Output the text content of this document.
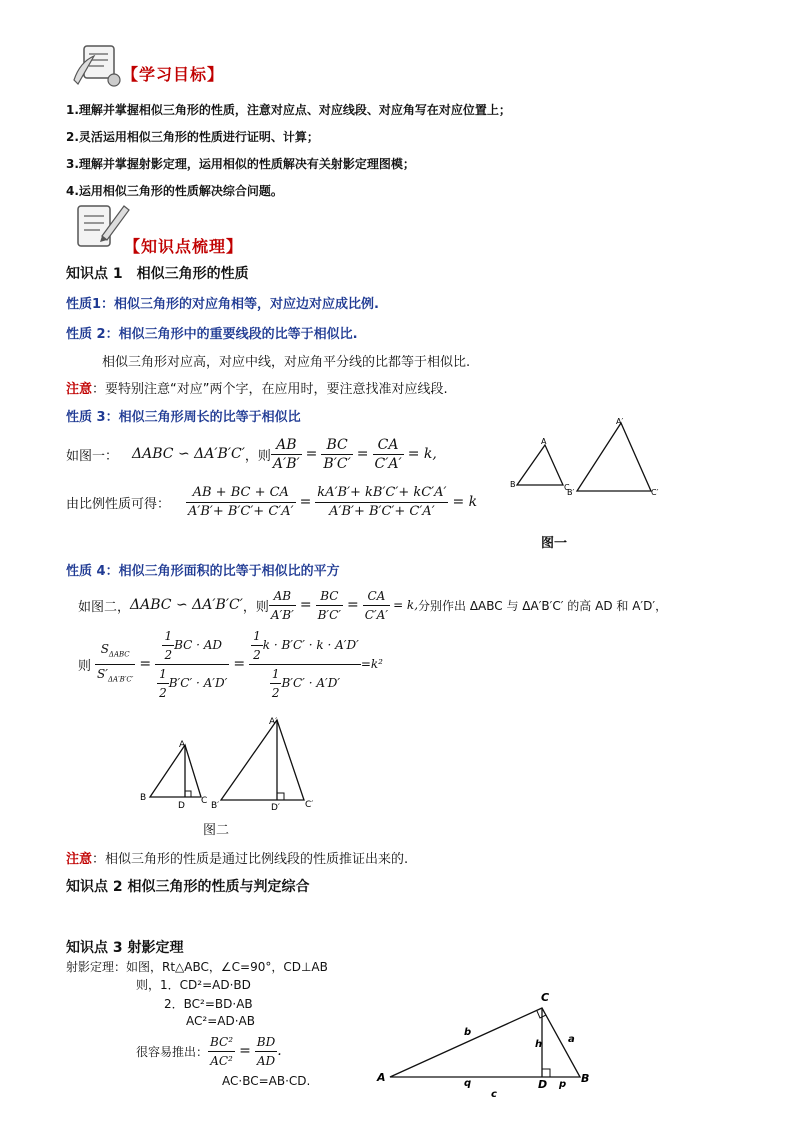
【学习目标】
1.理解并掌握相似三角形的性质，注意对应点、对应线段、对应角写在对应位置上；
2.灵活运用相似三角形的性质进行证明、计算；
3.理解并掌握射影定理，运用相似的性质解决有关射影定理图模；
4.运用相似三角形的性质解决综合问题。
【知识点梳理】
知识点 1　相似三角形的性质
性质1：相似三角形的对应角相等，对应边对应成比例.
性质 2：相似三角形中的重要线段的比等于相似比.
相似三角形对应高，对应中线，对应角平分线的比都等于相似比.
注意：要特别注意“对应”两个字，在应用时，要注意找准对应线段.
性质 3：相似三角形周长的比等于相似比
如图一： ΔABC ∽ ΔA′B′C′ ，则 $\frac{AB}{A'B'} = \frac{BC}{B'C'} = \frac{CA}{C'A'} = k$,
由比例性质可得： $\frac{AB + BC + CA}{A'B'+ B'C'+ C'A'} = \frac{kA'B'+ kB'C'+ kC'A'}{A'B'+ B'C'+ C'A'} = k$
A
B	C
A′
B′	C′
图一
性质 4：相似三角形面积的比等于相似比的平方
如图二， ΔABC ∽ ΔA′B′C′ ，则 $\frac{AB}{A'B'} = \frac{BC}{B'C'} = \frac{CA}{C'A'} = k$, 分别作出 ΔABC 与 ΔA′B′C′ 的高 AD 和 A′D′，
则 $\frac{S_{\Delta ABC}}{S'_{\Delta A'B'C'}} = \frac{\frac{1}{2} BC \cdot AD}{\frac{1}{2} B'C' \cdot A'D'} = \frac{\frac{1}{2} k \cdot B'C' \cdot k \cdot A'D'}{\frac{1}{2} B'C' \cdot A'D'} =k^2$
A
B
D C
A′
B′	D′	C′
图二
注意：相似三角形的性质是通过比例线段的性质推证出来的.
知识点 2 相似三角形的性质与判定综合
知识点 3 射影定理
射影定理：如图，Rt△ABC，∠C=90°，CD⊥AB
则，1．CD²=AD·BD
2．BC²=BD·AB
AC²=AD·AB
很容易推出： $\frac{\text{BC²}}{\text{AC²}} = \frac{BD}{AD}$ .
AC·BC=AB·CD.	A	B
C
D
a
b
c
h
p
q
